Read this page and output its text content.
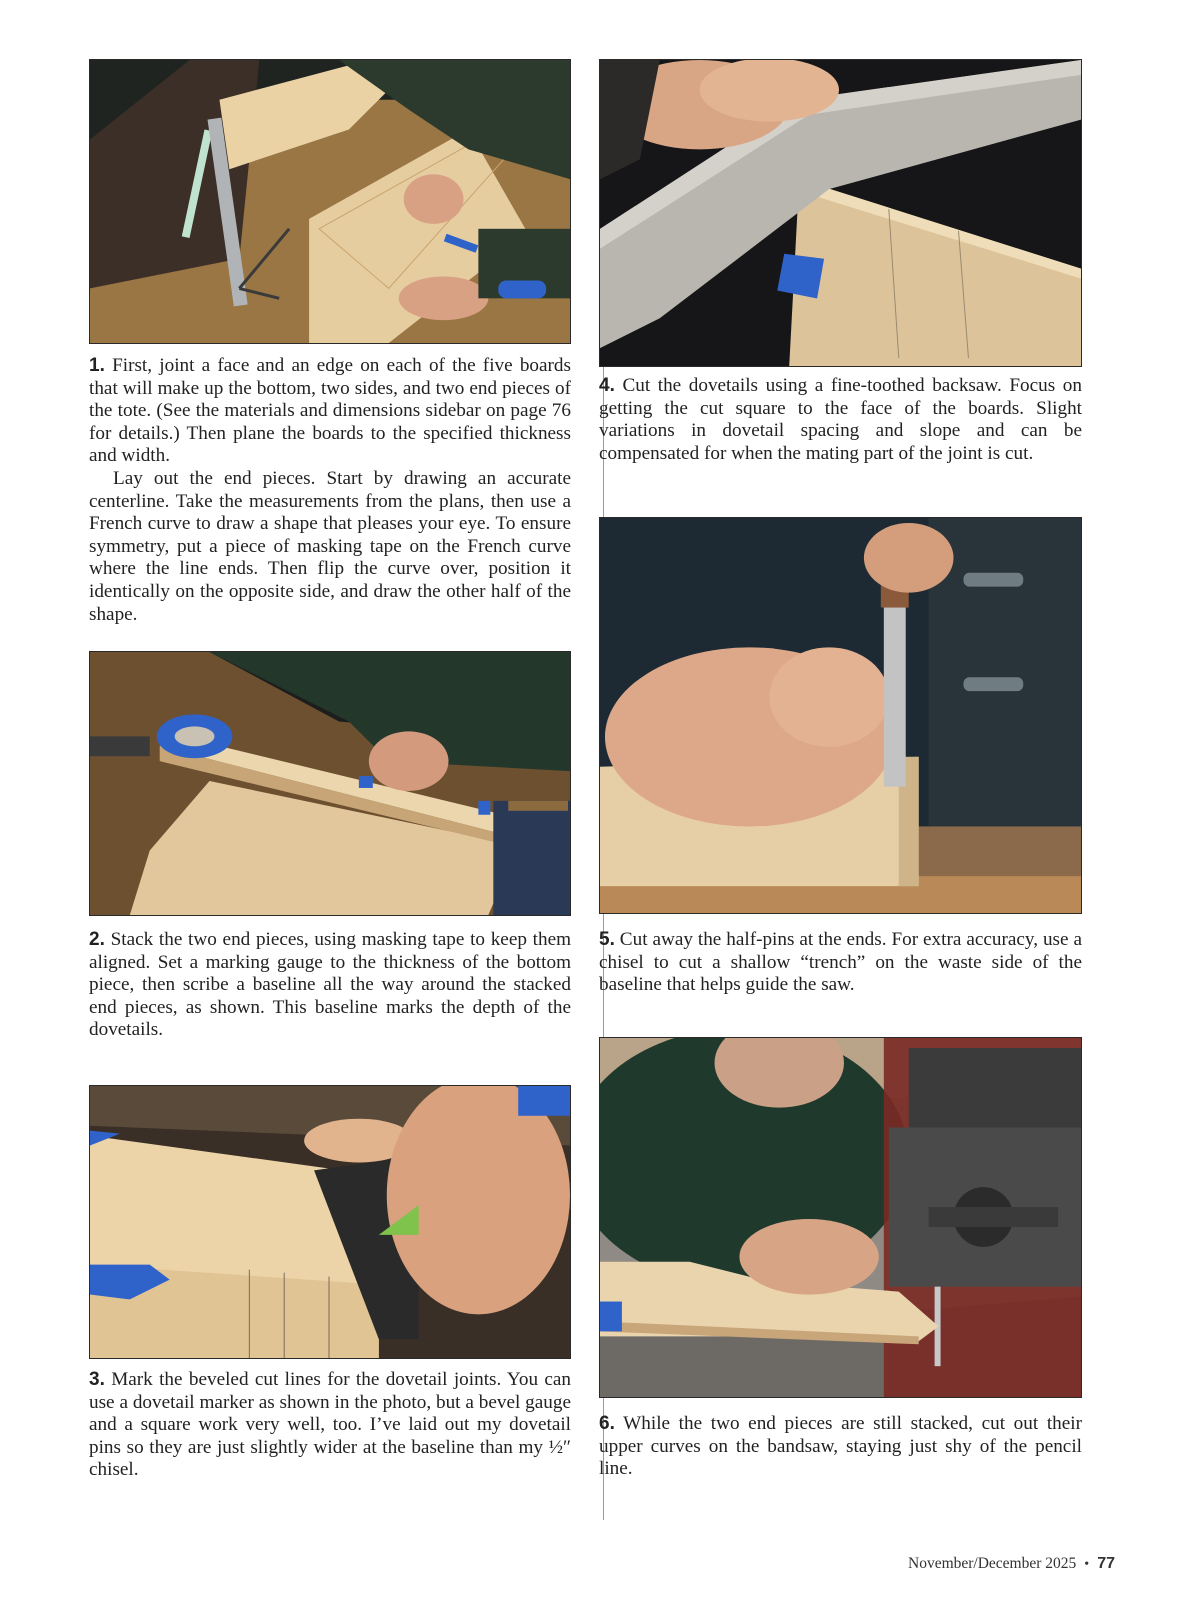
1. First, joint a face and an edge on each of the five boards that will make up the bottom, two sides, and two end pieces of the tote. (See the materials and dimensions sidebar on page 76 for details.) Then plane the boards to the specified thickness and width.

Lay out the end pieces. Start by drawing an accurate centerline. Take the measurements from the plans, then use a French curve to draw a shape that pleases your eye. To ensure symmetry, put a piece of masking tape on the French curve where the line ends. Then flip the curve over, position it identically on the opposite side, and draw the other half of the shape.

2. Stack the two end pieces, using masking tape to keep them aligned. Set a marking gauge to the thickness of the bottom piece, then scribe a baseline all the way around the stacked end pieces, as shown. This baseline marks the depth of the dovetails.

3. Mark the beveled cut lines for the dovetail joints. You can use a dovetail marker as shown in the photo, but a bevel gauge and a square work very well, too. I’ve laid out my dovetail pins so they are just slightly wider at the baseline than my ½″ chisel.

4. Cut the dovetails using a fine-toothed backsaw. Focus on getting the cut square to the face of the boards. Slight variations in dovetail spacing and slope and can be compensated for when the mating part of the joint is cut.

5. Cut away the half-pins at the ends. For extra accuracy, use a chisel to cut a shallow “trench” on the waste side of the baseline that helps guide the saw.

6. While the two end pieces are still stacked, cut out their upper curves on the bandsaw, staying just shy of the pencil line.

November/December 2025 • 77
